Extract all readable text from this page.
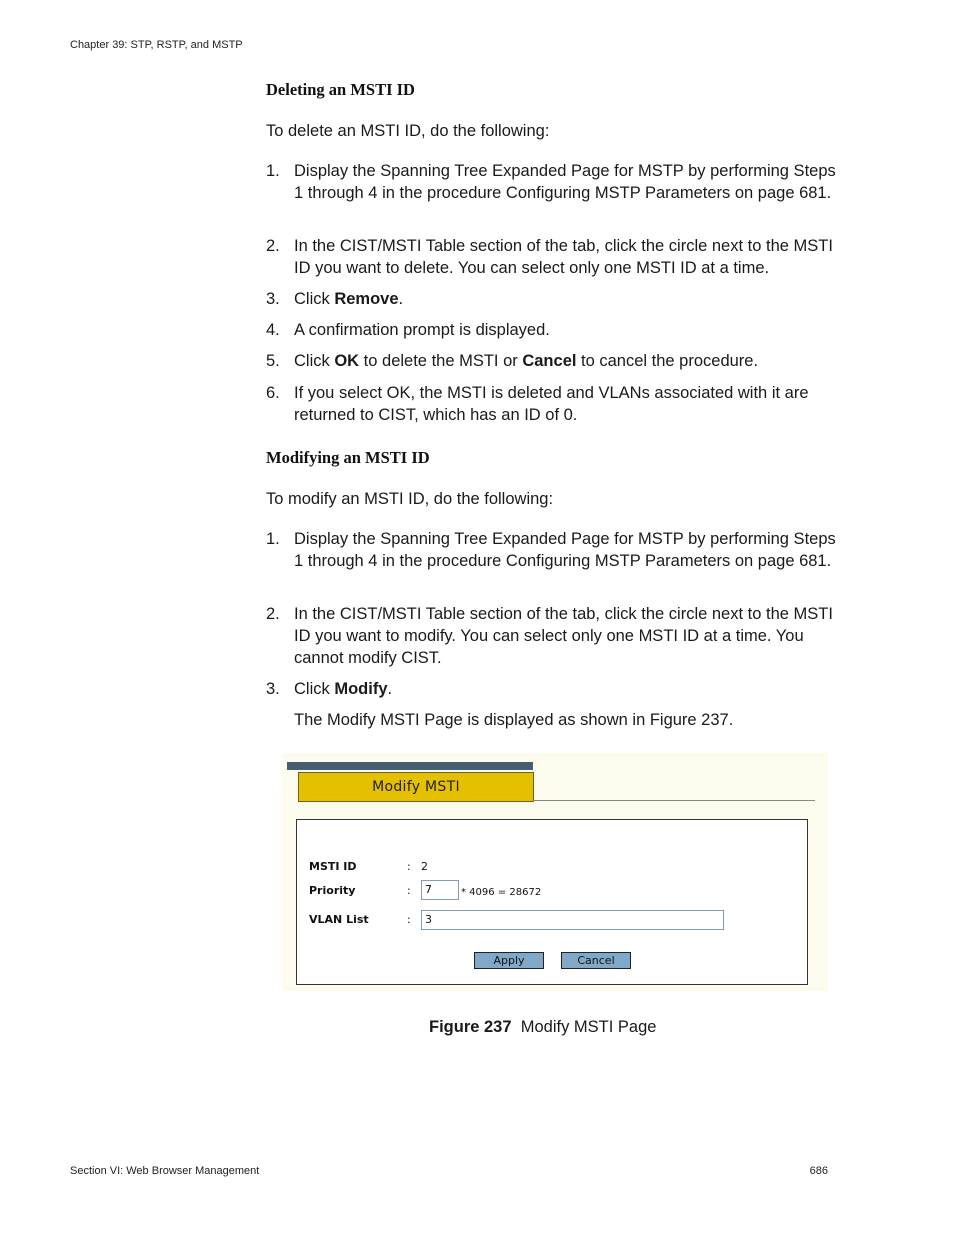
Chapter 39: STP, RSTP, and MSTP
Deleting an MSTI ID

To delete an MSTI ID, do the following:

1. Display the Spanning Tree Expanded Page for MSTP by performing Steps 1 through 4 in the procedure Configuring MSTP Parameters on page 681.
2. In the CIST/MSTI Table section of the tab, click the circle next to the MSTI ID you want to delete. You can select only one MSTI ID at a time.
3. Click Remove.
4. A confirmation prompt is displayed.
5. Click OK to delete the MSTI or Cancel to cancel the procedure.
6. If you select OK, the MSTI is deleted and VLANs associated with it are returned to CIST, which has an ID of 0.
Modifying an MSTI ID

To modify an MSTI ID, do the following:

1. Display the Spanning Tree Expanded Page for MSTP by performing Steps 1 through 4 in the procedure Configuring MSTP Parameters on page 681.
2. In the CIST/MSTI Table section of the tab, click the circle next to the MSTI ID you want to modify. You can select only one MSTI ID at a time. You cannot modify CIST.
3. Click Modify.

The Modify MSTI Page is displayed as shown in Figure 237.

Modify MSTI
MSTI ID	: 2
Priority	:	7	* 4096 = 28672
VLAN List	:	3
Apply	Cancel
Figure 237 Modify MSTI Page
Section VI: Web Browser Management	686
